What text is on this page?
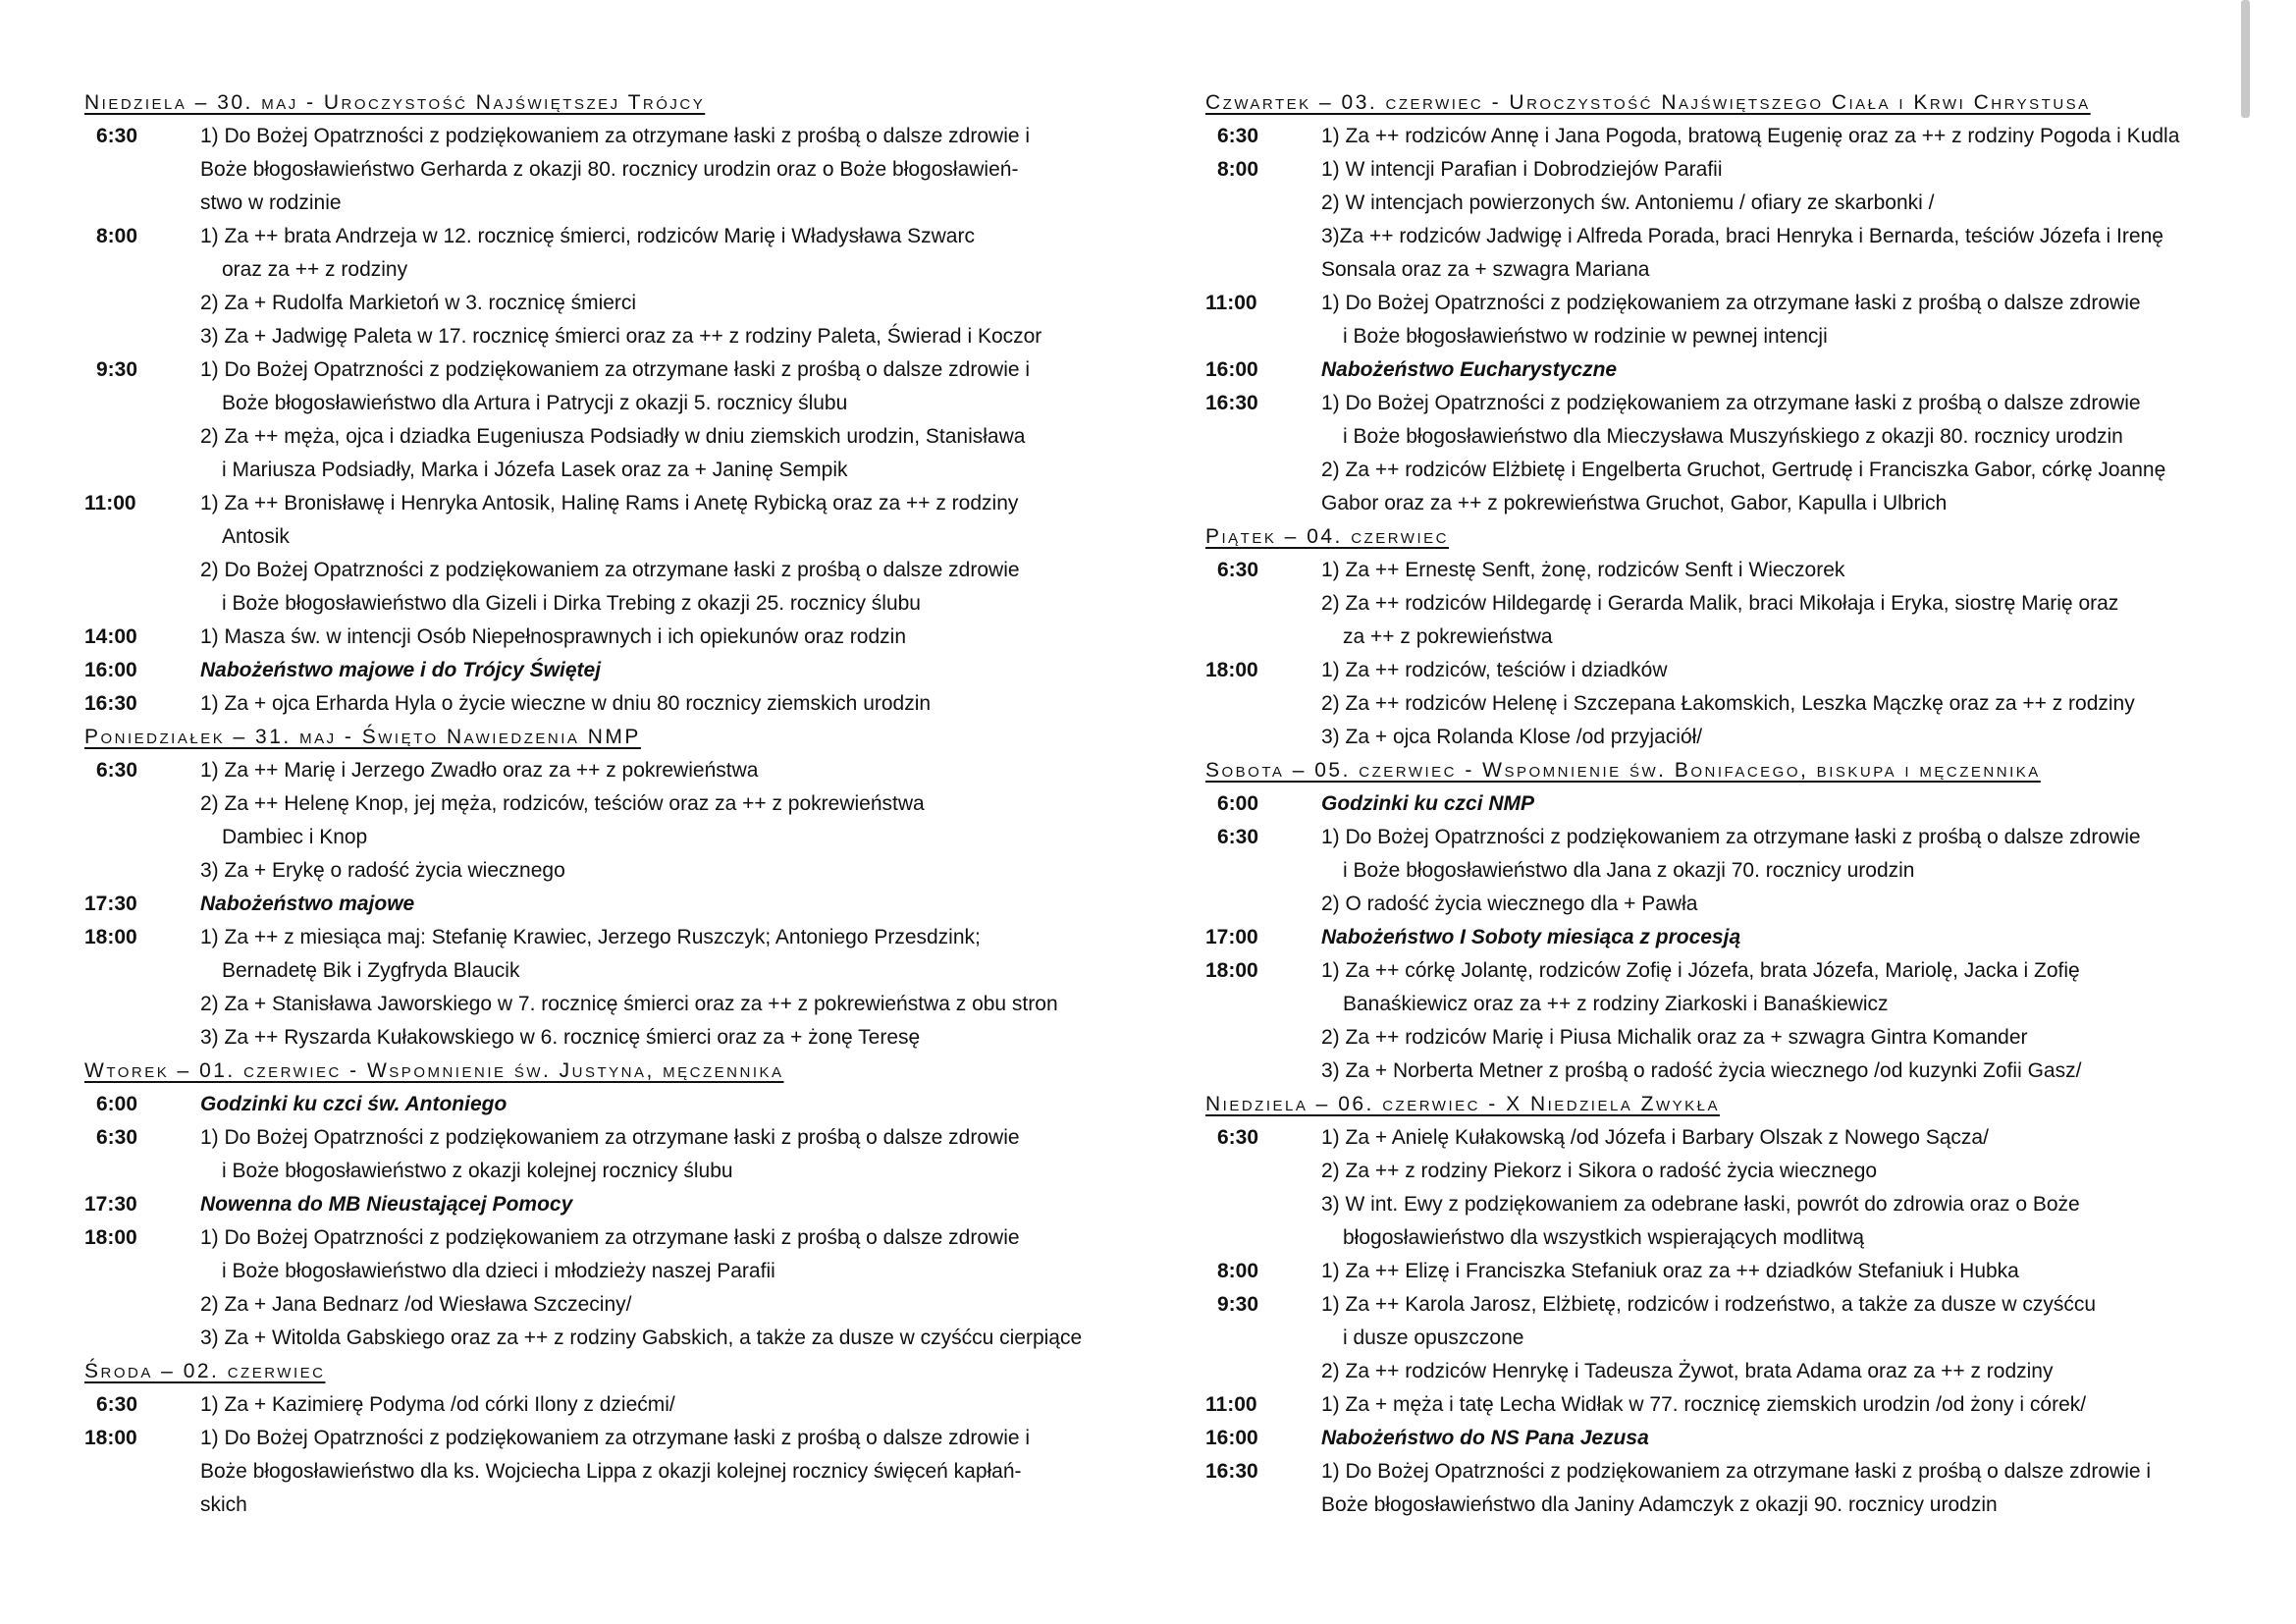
Niedziela – 30. maj - Uroczystość Najświętszej Trójcy
6:30	1) Do Bożej Opatrzności z podziękowaniem za otrzymane łaski z prośbą o dalsze zdrowie i
Boże błogosławieństwo Gerharda z okazji 80. rocznicy urodzin oraz o Boże błogosławień-
stwo w rodzinie
8:00	1) Za ++ brata Andrzeja w 12. rocznicę śmierci, rodziców Marię i Władysława Szwarc
oraz za ++ z rodziny
2) Za + Rudolfa Markietoń w 3. rocznicę śmierci
3) Za + Jadwigę Paleta w 17. rocznicę śmierci oraz za ++ z rodziny Paleta, Świerad i Koczor
9:30	1) Do Bożej Opatrzności z podziękowaniem za otrzymane łaski z prośbą o dalsze zdrowie i
Boże błogosławieństwo dla Artura i Patrycji z okazji 5. rocznicy ślubu
2) Za ++ męża, ojca i dziadka Eugeniusza Podsiadły w dniu ziemskich urodzin, Stanisława
i Mariusza Podsiadły, Marka i Józefa Lasek oraz za + Janinę Sempik
11:00	1) Za ++ Bronisławę i Henryka Antosik, Halinę Rams i Anetę Rybicką oraz za ++ z rodziny
Antosik
2) Do Bożej Opatrzności z podziękowaniem za otrzymane łaski z prośbą o dalsze zdrowie
i Boże błogosławieństwo dla Gizeli i Dirka Trebing z okazji 25. rocznicy ślubu
14:00	1) Masza św. w intencji Osób Niepełnosprawnych i ich opiekunów oraz rodzin
16:00	Nabożeństwo majowe i do Trójcy Świętej
16:30	1) Za + ojca Erharda Hyla o życie wieczne w dniu 80 rocznicy ziemskich urodzin
Poniedziałek – 31. maj - Święto Nawiedzenia NMP
6:30	1) Za ++ Marię i Jerzego Zwadło oraz za ++ z pokrewieństwa
2) Za ++ Helenę Knop, jej męża, rodziców, teściów oraz za ++ z pokrewieństwa
Dambiec i Knop
3) Za + Erykę o radość życia wiecznego
17:30	Nabożeństwo majowe
18:00	1) Za ++ z miesiąca maj: Stefanię Krawiec, Jerzego Ruszczyk; Antoniego Przesdzink;
Bernadetę Bik i Zygfryda Blaucik
2) Za + Stanisława Jaworskiego w 7. rocznicę śmierci oraz za ++ z pokrewieństwa z obu stron
3) Za ++ Ryszarda Kułakowskiego w 6. rocznicę śmierci oraz za + żonę Teresę
Wtorek – 01. czerwiec - Wspomnienie św. Justyna, męczennika
6:00	Godzinki ku czci św. Antoniego
6:30	1) Do Bożej Opatrzności z podziękowaniem za otrzymane łaski z prośbą o dalsze zdrowie
i Boże błogosławieństwo z okazji kolejnej rocznicy ślubu
17:30	Nowenna do MB Nieustającej Pomocy
18:00	1) Do Bożej Opatrzności z podziękowaniem za otrzymane łaski z prośbą o dalsze zdrowie
i Boże błogosławieństwo dla dzieci i młodzieży naszej Parafii
2) Za + Jana Bednarz /od Wiesława Szczeciny/
3) Za + Witolda Gabskiego oraz za ++ z rodziny Gabskich, a także za dusze w czyśćcu cierpiące
Środa – 02. czerwiec
6:30	1) Za + Kazimierę Podyma /od córki Ilony z dziećmi/
18:00	1) Do Bożej Opatrzności z podziękowaniem za otrzymane łaski z prośbą o dalsze zdrowie i
Boże błogosławieństwo dla ks. Wojciecha Lippa z okazji kolejnej rocznicy święceń kapłań-
skich
Czwartek – 03. czerwiec - Uroczystość Najświętszego Ciała i Krwi Chrystusa
6:30	1) Za ++ rodziców Annę i Jana Pogoda, bratową Eugenię oraz za ++ z rodziny Pogoda i Kudla
8:00	1) W intencji Parafian i Dobrodziejów Parafii
2) W intencjach powierzonych św. Antoniemu / ofiary ze skarbonki /
3)Za ++ rodziców Jadwigę i Alfreda Porada, braci Henryka i Bernarda, teściów Józefa i Irenę
Sonsala oraz za + szwagra Mariana
11:00	1) Do Bożej Opatrzności z podziękowaniem za otrzymane łaski z prośbą o dalsze zdrowie
i Boże błogosławieństwo w rodzinie w pewnej intencji
16:00	Nabożeństwo Eucharystyczne
16:30	1) Do Bożej Opatrzności z podziękowaniem za otrzymane łaski z prośbą o dalsze zdrowie
i Boże błogosławieństwo dla Mieczysława Muszyńskiego z okazji 80. rocznicy urodzin
2) Za ++ rodziców Elżbietę i Engelberta Gruchot, Gertrudę i Franciszka Gabor, córkę Joannę
Gabor oraz za ++ z pokrewieństwa Gruchot, Gabor, Kapulla i Ulbrich
Piątek – 04. czerwiec
6:30	1) Za ++ Ernestę Senft, żonę, rodziców Senft i Wieczorek
2) Za ++ rodziców Hildegardę i Gerarda Malik, braci Mikołaja i Eryka, siostrę Marię oraz
za ++ z pokrewieństwa
18:00	1) Za ++ rodziców, teściów i dziadków
2) Za ++ rodziców Helenę i Szczepana Łakomskich, Leszka Mączkę oraz za ++ z rodziny
3) Za + ojca Rolanda Klose /od przyjaciół/
Sobota – 05. czerwiec - Wspomnienie św. Bonifacego, biskupa i męczennika
6:00	Godzinki ku czci NMP
6:30	1) Do Bożej Opatrzności z podziękowaniem za otrzymane łaski z prośbą o dalsze zdrowie
i Boże błogosławieństwo dla Jana z okazji 70. rocznicy urodzin
2) O radość życia wiecznego dla + Pawła
17:00	Nabożeństwo I Soboty miesiąca z procesją
18:00	1) Za ++ córkę Jolantę, rodziców Zofię i Józefa, brata Józefa, Mariolę, Jacka i Zofię
Banaśkiewicz oraz za ++ z rodziny Ziarkoski i Banaśkiewicz
2) Za ++ rodziców Marię i Piusa Michalik oraz za + szwagra Gintra Komander
3) Za + Norberta Metner z prośbą o radość życia wiecznego /od kuzynki Zofii Gasz/
Niedziela – 06. czerwiec - X Niedziela Zwykła
6:30	1) Za + Anielę Kułakowską /od Józefa i Barbary Olszak z Nowego Sącza/
2) Za ++ z rodziny Piekorz i Sikora o radość życia wiecznego
3) W int. Ewy z podziękowaniem za odebrane łaski, powrót do zdrowia oraz o Boże
błogosławieństwo dla wszystkich wspierających modlitwą
8:00	1) Za ++ Elizę i Franciszka Stefaniuk oraz za ++ dziadków Stefaniuk i Hubka
9:30	1) Za ++ Karola Jarosz, Elżbietę, rodziców i rodzeństwo, a także za dusze w czyśćcu
i dusze opuszczone
2) Za ++ rodziców Henrykę i Tadeusza Żywot, brata Adama oraz za ++ z rodziny
11:00	1) Za + męża i tatę Lecha Widłak w 77. rocznicę ziemskich urodzin /od żony i córek/
16:00	Nabożeństwo do NS Pana Jezusa
16:30	1) Do Bożej Opatrzności z podziękowaniem za otrzymane łaski z prośbą o dalsze zdrowie i
Boże błogosławieństwo dla Janiny Adamczyk z okazji 90. rocznicy urodzin
